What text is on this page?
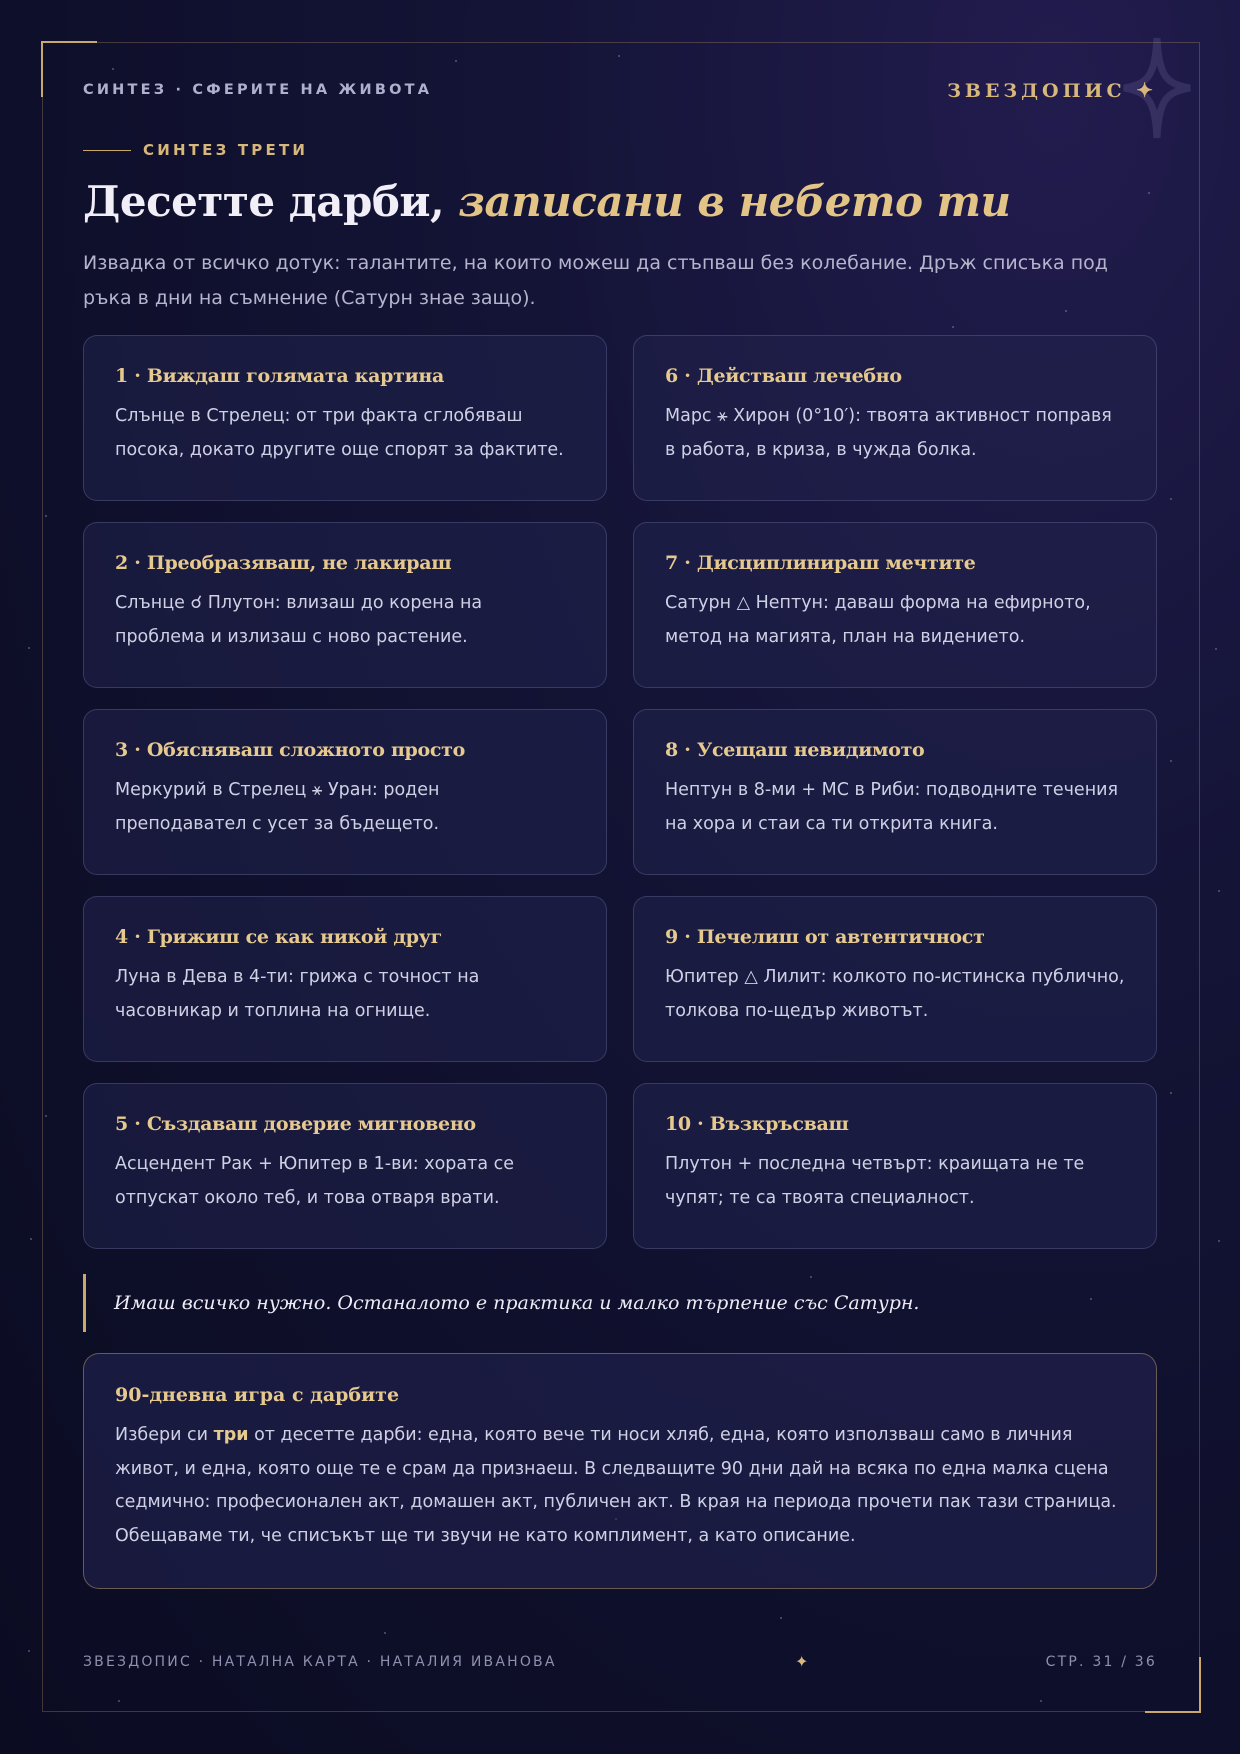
СИНТЕЗ · СФЕРИТЕ НА ЖИВОТА	ЗВЕЗДОПИС ✦
СИНТЕЗ ТРЕТИ
Десетте дарби, записани в небето ти

Извадка от всичко дотук: талантите, на които можеш да стъпваш без колебание. Дръж списъка под ръка в дни на съмнение (Сатурн знае защо).

1 · Виждаш голямата картина
Слънце в Стрелец: от три факта сглобяваш посока, докато другите още спорят за фактите.
2 · Преобразяваш, не лакираш
Слънце ☌ Плутон: влизаш до корена на проблема и излизаш с ново растение.
3 · Обясняваш сложното просто
Меркурий в Стрелец ⚹ Уран: роден преподавател с усет за бъдещето.
4 · Грижиш се как никой друг
Луна в Дева в 4-ти: грижа с точност на часовникар и топлина на огнище.
5 · Създаваш доверие мигновено
Асцендент Рак + Юпитер в 1-ви: хората се отпускат около теб, и това отваря врати.
6 · Действаш лечебно
Марс ⚹ Хирон (0°10′): твоята активност поправя в работа, в криза, в чужда болка.
7 · Дисциплинираш мечтите
Сатурн △ Нептун: даваш форма на ефирното, метод на магията, план на видението.
8 · Усещаш невидимото
Нептун в 8-ми + MC в Риби: подводните течения на хора и стаи са ти открита книга.
9 · Печелиш от автентичност
Юпитер △ Лилит: колкото по-истинска публично, толкова по-щедър животът.
10 · Възкръсваш
Плутон + последна четвърт: краищата не те чупят; те са твоята специалност.
Имаш всичко нужно. Останалото е практика и малко търпение със Сатурн.
90-дневна игра с дарбите
Избери си три от десетте дарби: една, която вече ти носи хляб, една, която използваш само в личния живот, и една, която още те е срам да признаеш. В следващите 90 дни дай на всяка по една малка сцена седмично: професионален акт, домашен акт, публичен акт. В края на периода прочети пак тази страница. Обещаваме ти, че списъкът ще ти звучи не като комплимент, а като описание.
ЗВЕЗДОПИС · НАТАЛНА КАРТА · НАТАЛИЯ ИВАНОВА	✦	СТР. 31 / 36
